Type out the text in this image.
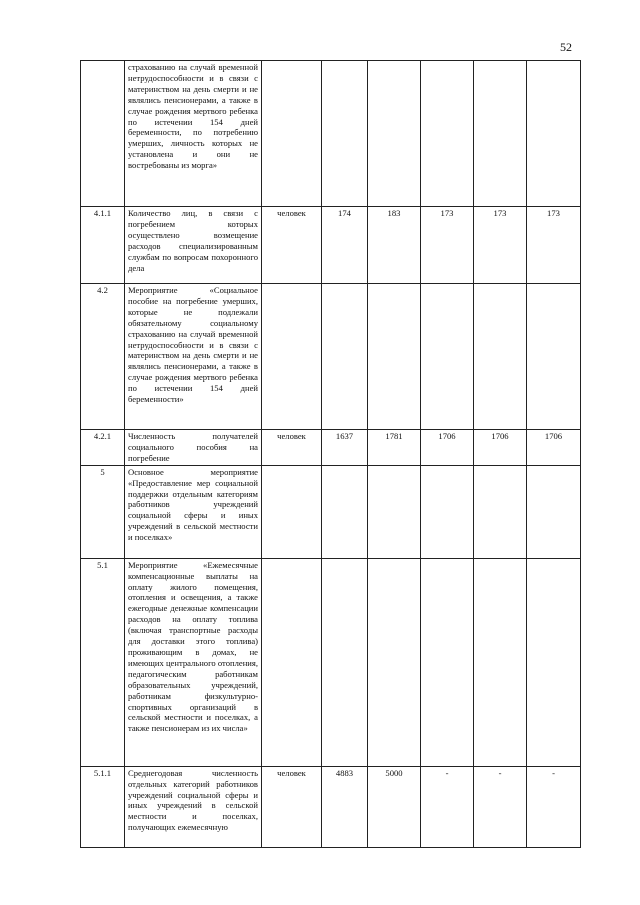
52
	страхованию на случай временной нетрудоспособности и в связи с материнством на день смерти и не являлись пенсионерами, а также в случае рождения мертвого ребенка по истечении 154 дней беременности, по потребению умерших, личность которых не установлена и они не востребованы из морга»						
4.1.1	Количество лиц, в связи с погребением которых осуществлено возмещение расходов специализированным службам по вопросам похоронного дела	человек	174	183	173	173	173
4.2	Мероприятие «Социальное пособие на погребение умерших, которые не подлежали обязательному социальному страхованию на случай временной нетрудоспособности и в связи с материнством на день смерти и не являлись пенсионерами, а также в случае рождения мертвого ребенка по истечении 154 дней беременности»						
4.2.1	Численность получателей социального пособия на погребение	человек	1637	1781	1706	1706	1706
5	Основное мероприятие «Предоставление мер социальной поддержки отдельным категориям работников учреждений социальной сферы и иных учреждений в сельской местности и поселках»						
5.1	Мероприятие «Ежемесячные компенсационные выплаты на оплату жилого помещения, отопления и освещения, а также ежегодные денежные компенсации расходов на оплату топлива (включая транспортные расходы для доставки этого топлива) проживающим в домах, не имеющих центрального отопления, педагогическим работникам образовательных учреждений, работникам физкультурно-спортивных организаций в сельской местности и поселках, а также пенсионерам из их числа»						
5.1.1	Среднегодовая численность отдельных категорий работников учреждений социальной сферы и иных учреждений в сельской местности и поселках, получающих ежемесячную	человек	4883	5000	-	-	-
